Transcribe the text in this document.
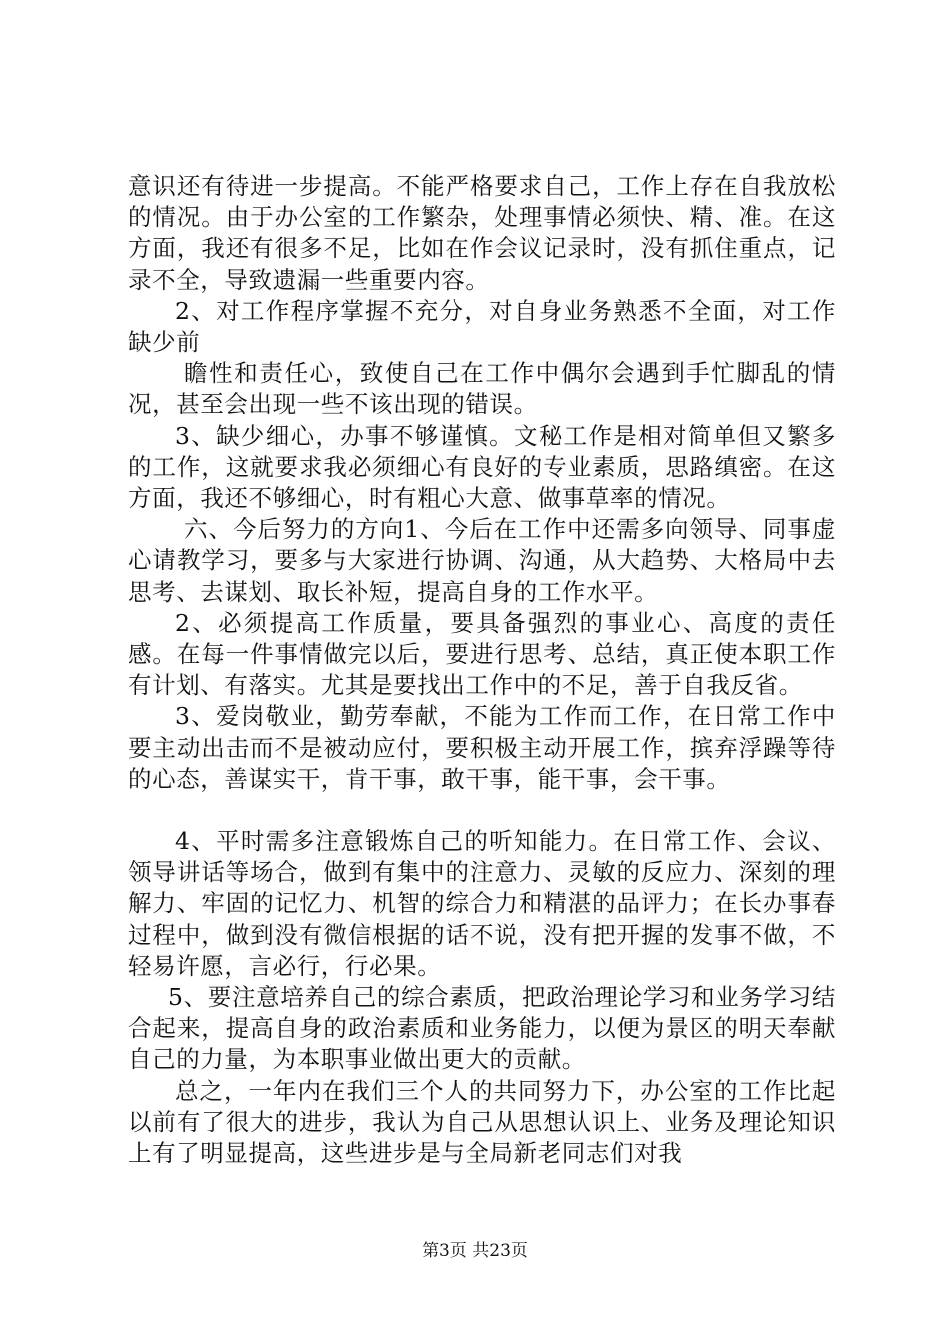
意识还有待进一步提高。不能严格要求自己，工作上存在自我放松的情况。由于办公室的工作繁杂，处理事情必须快、精、准。在这方面，我还有很多不足，比如在作会议记录时，没有抓住重点，记录不全，导致遗漏一些重要内容。

2、对工作程序掌握不充分，对自身业务熟悉不全面，对工作缺少前

瞻性和责任心，致使自己在工作中偶尔会遇到手忙脚乱的情况，甚至会出现一些不该出现的错误。

3、缺少细心，办事不够谨慎。文秘工作是相对简单但又繁多的工作，这就要求我必须细心有良好的专业素质，思路缜密。在这方面，我还不够细心，时有粗心大意、做事草率的情况。

六、今后努力的方向1、今后在工作中还需多向领导、同事虚心请教学习，要多与大家进行协调、沟通，从大趋势、大格局中去思考、去谋划、取长补短，提高自身的工作水平。

2、必须提高工作质量，要具备强烈的事业心、高度的责任感。在每一件事情做完以后，要进行思考、总结，真正使本职工作有计划、有落实。尤其是要找出工作中的不足，善于自我反省。

3、爱岗敬业，勤劳奉献，不能为工作而工作，在日常工作中要主动出击而不是被动应付，要积极主动开展工作，摈弃浮躁等待的心态，善谋实干，肯干事，敢干事，能干事，会干事。

4、平时需多注意锻炼自己的听知能力。在日常工作、会议、领导讲话等场合，做到有集中的注意力、灵敏的反应力、深刻的理解力、牢固的记忆力、机智的综合力和精湛的品评力；在长办事春过程中，做到没有微信根据的话不说，没有把开握的发事不做，不轻易许愿，言必行，行必果。

5、要注意培养自己的综合素质，把政治理论学习和业务学习结合起来，提高自身的政治素质和业务能力，以便为景区的明天奉献自己的力量，为本职事业做出更大的贡献。

总之，一年内在我们三个人的共同努力下，办公室的工作比起以前有了很大的进步，我认为自己从思想认识上、业务及理论知识上有了明显提高，这些进步是与全局新老同志们对我

第3页 共23页
